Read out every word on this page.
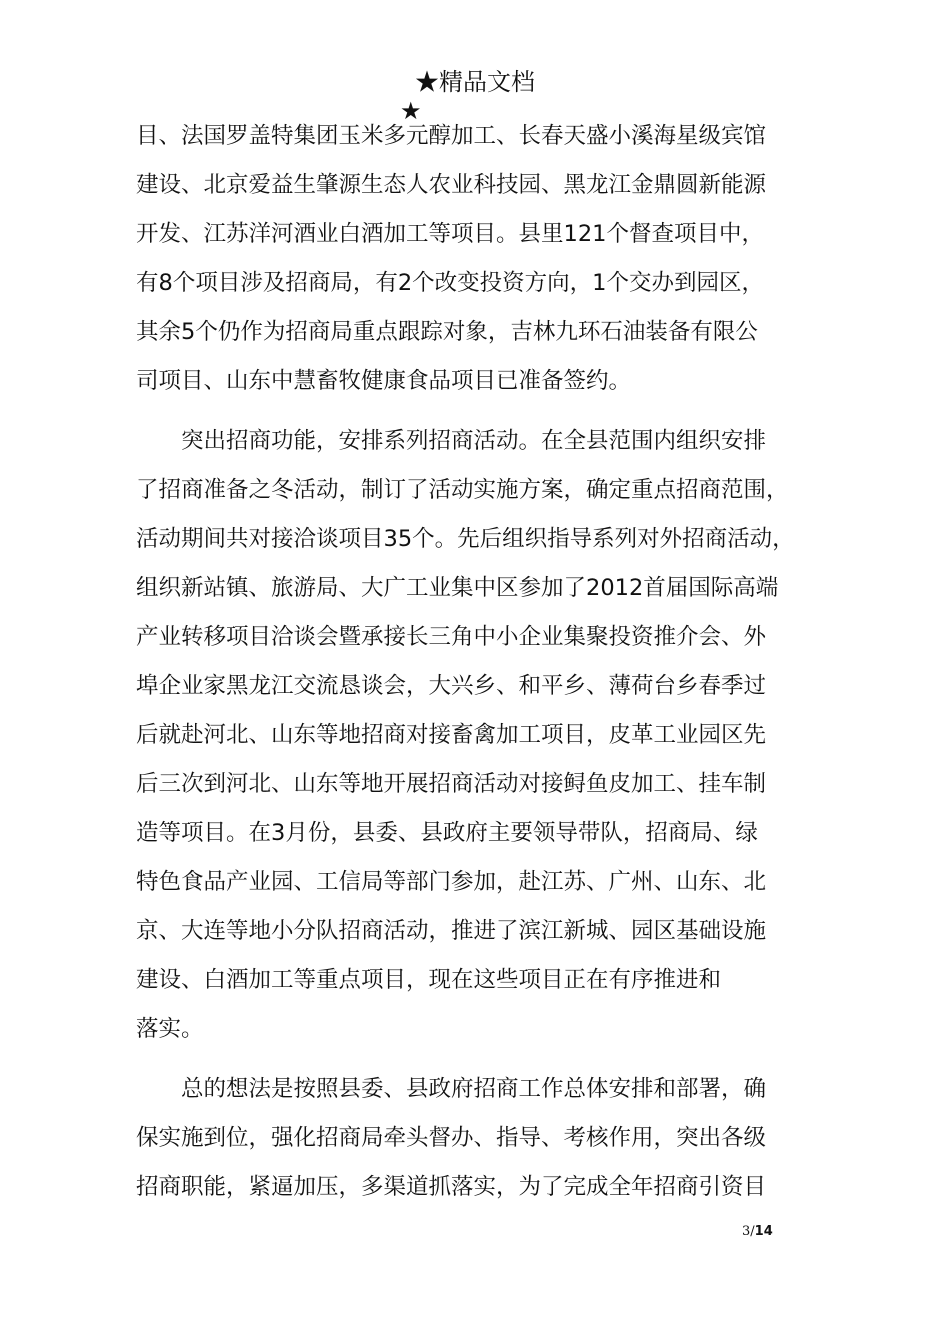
★精品文档
★
目、法国罗盖特集团玉米多元醇加工、长春天盛小溪海星级宾馆
建设、北京爱益生肇源生态人农业科技园、黑龙江金鼎圆新能源
开发、江苏洋河酒业白酒加工等项目。县里121个督查项目中，
有8个项目涉及招商局，有2个改变投资方向，1个交办到园区，
其余5个仍作为招商局重点跟踪对象，吉林九环石油装备有限公
司项目、山东中慧畜牧健康食品项目已准备签约。
　　突出招商功能，安排系列招商活动。在全县范围内组织安排
了招商准备之冬活动，制订了活动实施方案，确定重点招商范围，
活动期间共对接洽谈项目35个。先后组织指导系列对外招商活动，
组织新站镇、旅游局、大广工业集中区参加了2012首届国际高端
产业转移项目洽谈会暨承接长三角中小企业集聚投资推介会、外
埠企业家黑龙江交流恳谈会，大兴乡、和平乡、薄荷台乡春季过
后就赴河北、山东等地招商对接畜禽加工项目，皮革工业园区先
后三次到河北、山东等地开展招商活动对接鲟鱼皮加工、挂车制
造等项目。在3月份，县委、县政府主要领导带队，招商局、绿
特色食品产业园、工信局等部门参加，赴江苏、广州、山东、北
京、大连等地小分队招商活动，推进了滨江新城、园区基础设施
建设、白酒加工等重点项目，现在这些项目正在有序推进和
落实。
　　总的想法是按照县委、县政府招商工作总体安排和部署，确
保实施到位，强化招商局牵头督办、指导、考核作用，突出各级
招商职能，紧逼加压，多渠道抓落实，为了完成全年招商引资目
3/14
